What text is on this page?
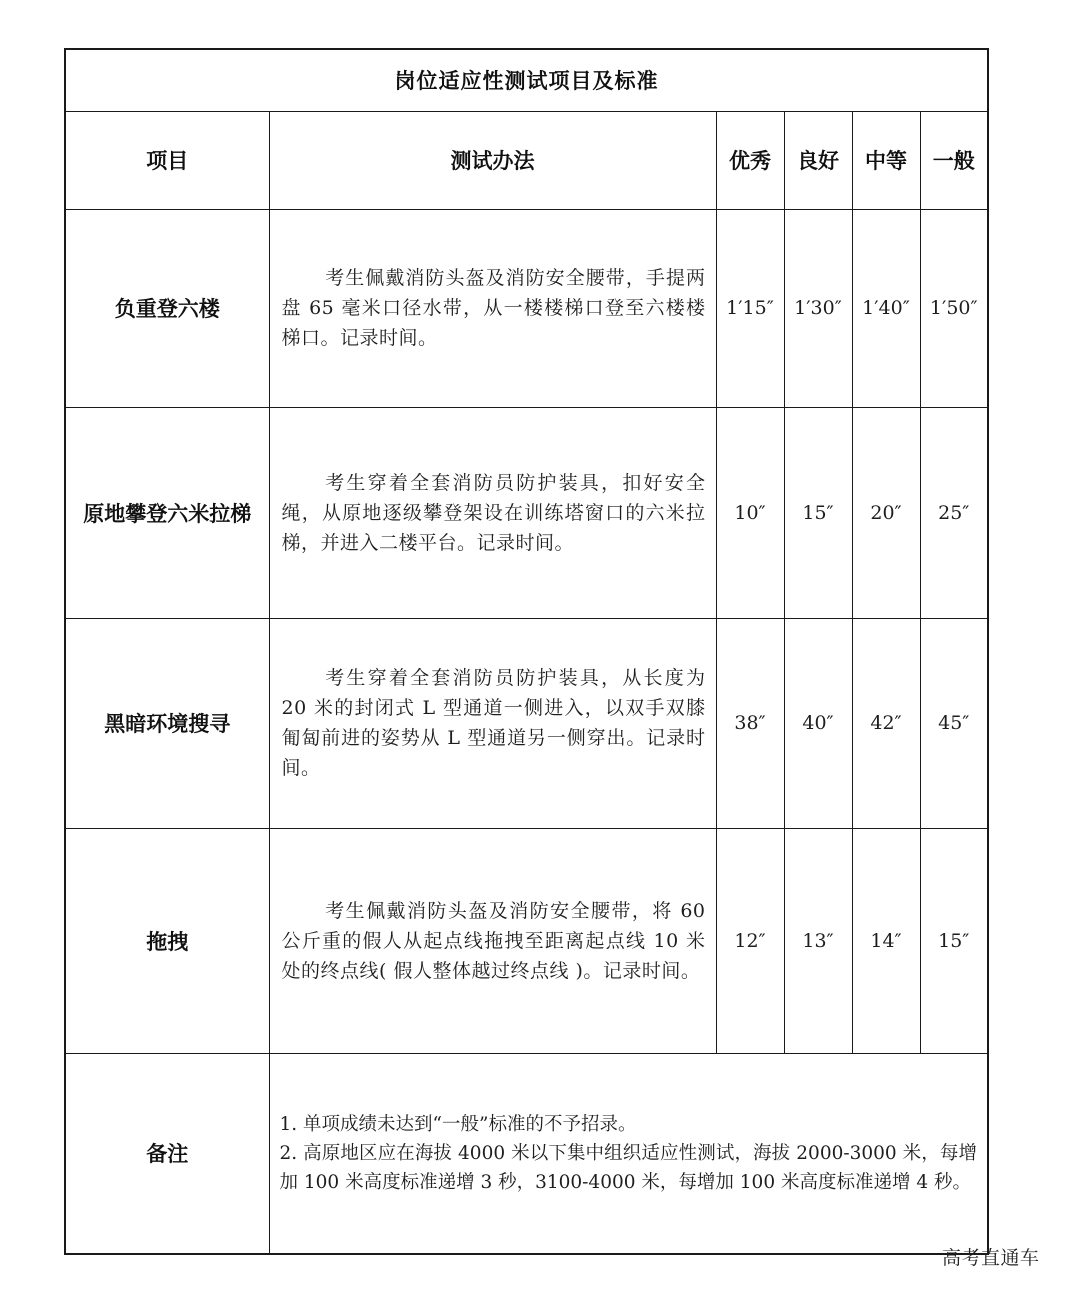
岗位适应性测试项目及标准					
项目	测试办法	优秀	良好	中等	一般
负重登六楼	考生佩戴消防头盔及消防安全腰带，手提两盘 65 毫米口径水带，从一楼楼梯口登至六楼楼梯口。记录时间。	1′15″	1′30″	1′40″	1′50″
原地攀登六米拉梯	考生穿着全套消防员防护装具，扣好安全绳，从原地逐级攀登架设在训练塔窗口的六米拉梯，并进入二楼平台。记录时间。	10″	15″	20″	25″
黑暗环境搜寻	考生穿着全套消防员防护装具，从长度为 20 米的封闭式 L 型通道一侧进入，以双手双膝匍匐前进的姿势从 L 型通道另一侧穿出。记录时间。	38″	40″	42″	45″
拖拽	考生佩戴消防头盔及消防安全腰带，将 60 公斤重的假人从起点线拖拽至距离起点线 10 米处的终点线( 假人整体越过终点线 )。记录时间。	12″	13″	14″	15″
备注	1. 单项成绩未达到“一般”标准的不予招录。
2. 高原地区应在海拔 4000 米以下集中组织适应性测试，海拔 2000-3000 米，每增加 100 米高度标准递增 3 秒，3100-4000 米，每增加 100 米高度标准递增 4 秒。				
高考直通车
